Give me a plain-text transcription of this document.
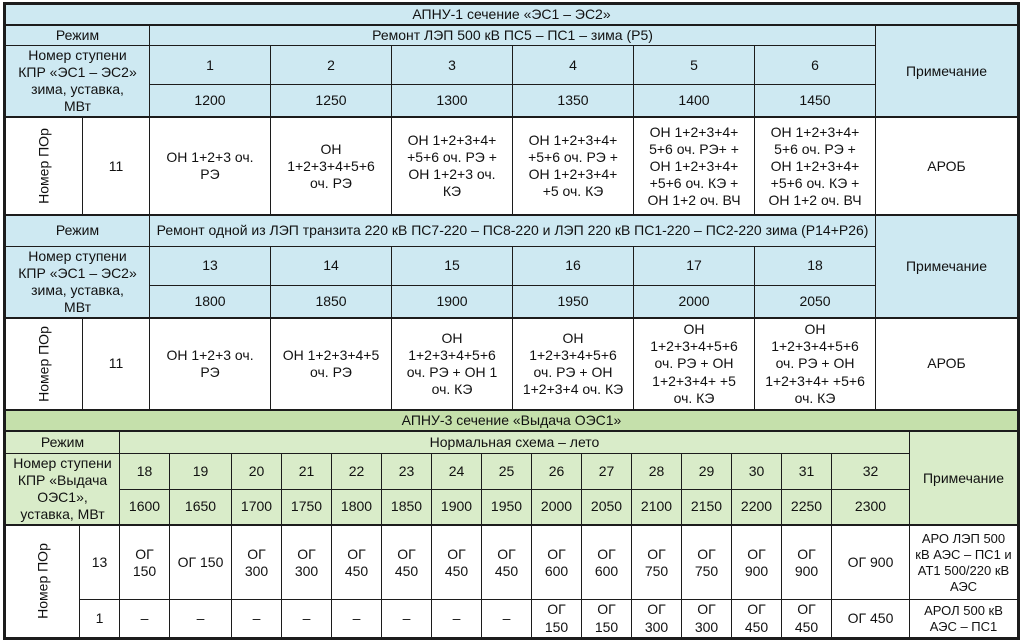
АПНУ-1 сечение «ЭС1 – ЭС2»								
Режим		Ремонт ЛЭП 500 кВ ПС5 – ПС1 – зима (Р5)						Примечание
Номер ступени КПР «ЭС1 – ЭС2» зима, уставка, МВт		1	2	3	4	5	6	
		1200	1250	1300	1350	1400	1450	

Номер ПОр	11	ОН 1+2+3 оч. РЭ	ОН 1+2+3+4+5+6 оч. РЭ	ОН 1+2+3+4+ +5+6 оч. РЭ + ОН 1+2+3 оч. КЭ	ОН 1+2+3+4+ +5+6 оч. РЭ + ОН 1+2+3+4+ +5 оч. КЭ	ОН 1+2+3+4+ 5+6 оч. РЭ+ + ОН 1+2+3+4+ +5+6 оч. КЭ + ОН 1+2 оч. ВЧ	ОН 1+2+3+4+ 5+6 оч. РЭ + ОН 1+2+3+4+ +5+6 оч. КЭ + ОН 1+2 оч. ВЧ	АРОБ
Режим		Ремонт одной из ЛЭП транзита 220 кВ ПС7-220 – ПС8-220 и ЛЭП 220 кВ ПС1-220 – ПС2-220 зима (Р14+Р26)						Примечание
Номер ступени КПР «ЭС1 – ЭС2» зима, уставка, МВт		13	14	15	16	17	18	
		1800	1850	1900	1950	2000	2050	

Номер ПОр	11	ОН 1+2+3 оч. РЭ	ОН 1+2+3+4+5 оч. РЭ	ОН 1+2+3+4+5+6 оч. РЭ + ОН 1 оч. КЭ	ОН 1+2+3+4+5+6 оч. РЭ + ОН 1+2+3+4 оч. КЭ	ОН 1+2+3+4+5+6 оч. РЭ + ОН 1+2+3+4+ +5 оч. КЭ	ОН 1+2+3+4+5+6 оч. РЭ + ОН 1+2+3+4+ +5+6 оч. КЭ	АРОБ
АПНУ-3 сечение «Выдача ОЭС1»																	
Режим		Нормальная схема – лето															Примечание
Номер ступени КПР «Выдача ОЭС1», уставка, МВт		18	19	20	21	22	23	24	25	26	27	28	29	30	31	32	
		1600	1650	1700	1750	1800	1850	1900	1950	2000	2050	2100	2150	2200	2250	2300	

Номер ПОр	13	ОГ 150	ОГ 150	ОГ 300	ОГ 300	ОГ 450	ОГ 450	ОГ 450	ОГ 450	ОГ 600	ОГ 600	ОГ 750	ОГ 750	ОГ 900	ОГ 900	ОГ 900	АРО ЛЭП 500 кВ АЭС – ПС1 и АТ1 500/220 кВ АЭС
	1	–	–	–	–	–	–	–	–	ОГ 150	ОГ 150	ОГ 300	ОГ 300	ОГ 450	ОГ 450	ОГ 450	АРОЛ 500 кВ АЭС – ПС1
